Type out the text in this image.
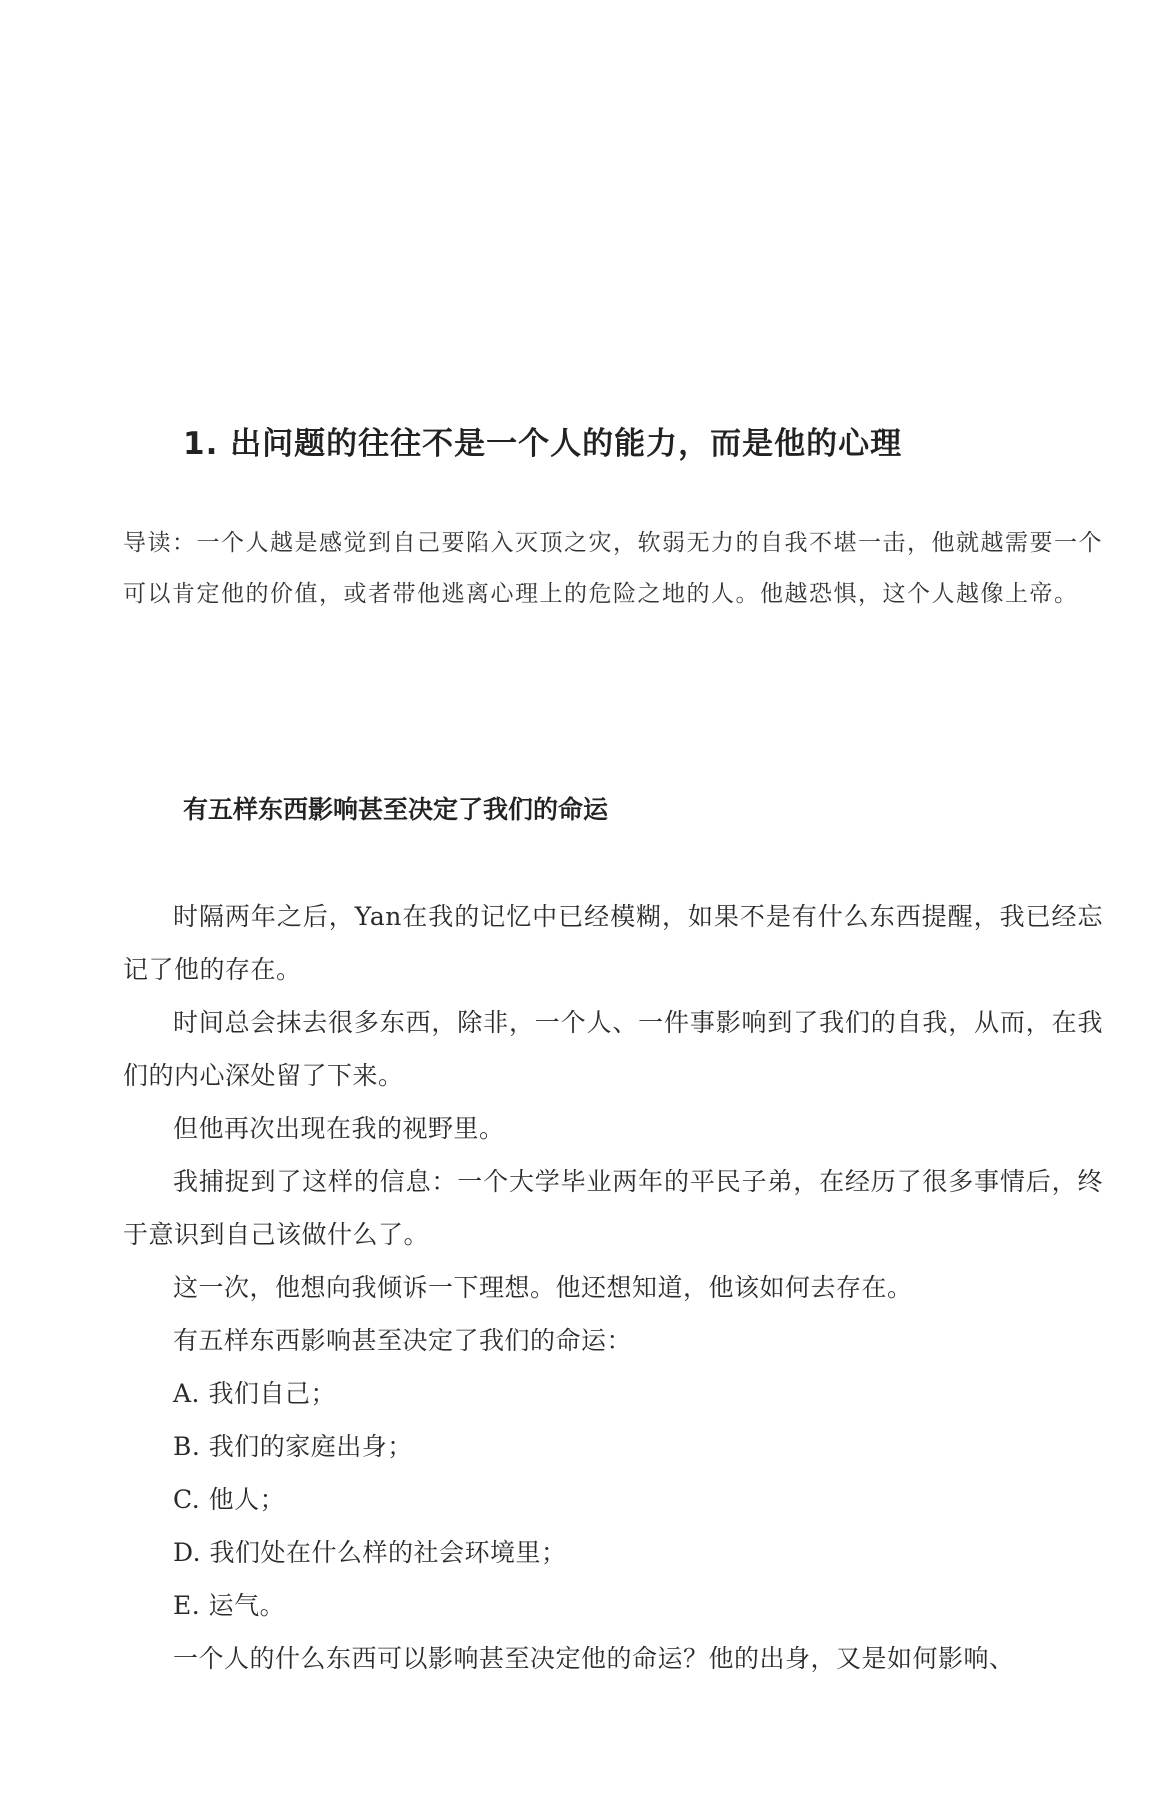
1. 出问题的往往不是一个人的能力，而是他的心理

导读：一个人越是感觉到自己要陷入灭顶之灾，软弱无力的自我不堪一击，他就越需要一个可以肯定他的价值，或者带他逃离心理上的危险之地的人。他越恐惧，这个人越像上帝。

有五样东西影响甚至决定了我们的命运

时隔两年之后，Yan在我的记忆中已经模糊，如果不是有什么东西提醒，我已经忘记了他的存在。

时间总会抹去很多东西，除非，一个人、一件事影响到了我们的自我，从而，在我们的内心深处留了下来。

但他再次出现在我的视野里。

我捕捉到了这样的信息：一个大学毕业两年的平民子弟，在经历了很多事情后，终于意识到自己该做什么了。

这一次，他想向我倾诉一下理想。他还想知道，他该如何去存在。

有五样东西影响甚至决定了我们的命运：

A. 我们自己；

B. 我们的家庭出身；

C. 他人；

D. 我们处在什么样的社会环境里；

E. 运气。

一个人的什么东西可以影响甚至决定他的命运？他的出身，又是如何影响、
